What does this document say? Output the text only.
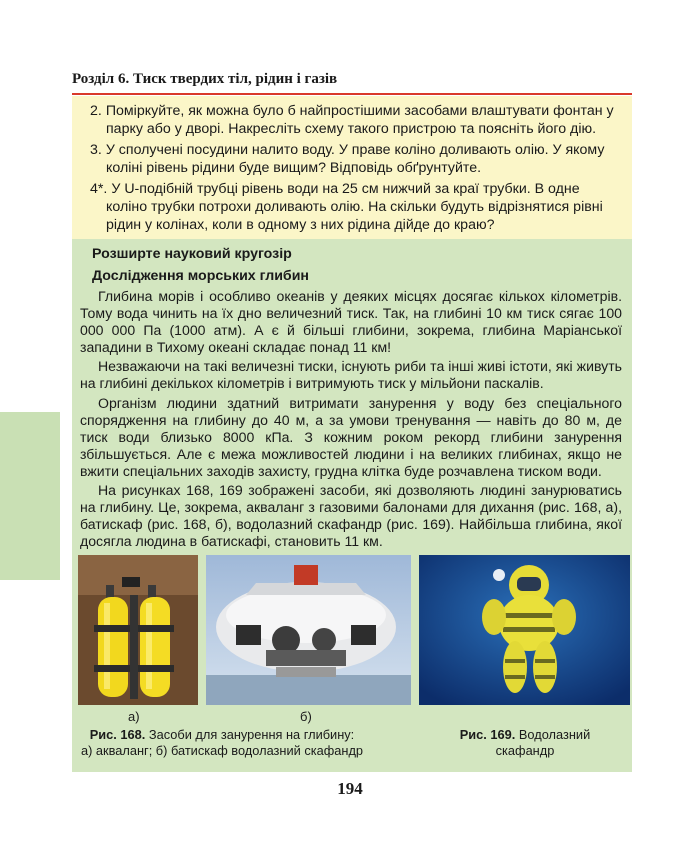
Розділ 6. Тиск твердих тіл, рідин і газів

2. Поміркуйте, як можна було б найпростішими засобами влаштувати фонтан у парку або у дворі. Накресліть схему такого пристрою та поясніть його дію.

3. У сполучені посудини налито воду. У праве коліно доливають олію. У якому коліні рівень рідини буде вищим? Відповідь обґрунтуйте.

4*. У U-подібній трубці рівень води на 25 см нижчий за краї трубки. В одне коліно трубки потрохи доливають олію. На скільки будуть відрізнятися рівні рідин у колінах, коли в одному з них рідина дійде до краю?

Розширте науковий кругозір
Дослідження морських глибин

Глибина морів і особливо океанів у деяких місцях досягає кількох кілометрів. Тому вода чинить на їх дно величезний тиск. Так, на глибині 10 км тиск сягає 100 000 000 Па (1000 атм). А є й більші глибини, зокрема, глибина Маріанської западини в Тихому океані складає понад 11 км!

Незважаючи на такі величезні тиски, існують риби та інші живі істоти, які живуть на глибині декількох кілометрів і витримують тиск у мільйони паскалів.

Організм людини здатний витримати занурення у воду без спеціального спорядження на глибину до 40 м, а за умови тренування — навіть до 80 м, де тиск води близько 8000 кПа. З кожним роком рекорд глибини занурення збільшується. Але є межа можливостей людини і на великих глибинах, якщо не вжити спеціальних заходів захисту, грудна клітка буде розчавлена тиском води.

На рисунках 168, 169 зображені засоби, які дозволяють людині занурюватись на глибину. Це, зокрема, акваланг з газовими балонами для дихання (рис. 168, а), батискаф (рис. 168, б), водолазний скафандр (рис. 169). Найбільша глибина, якої досягла людина в батискафі, становить 11 км.

а)	б)
Рис. 168. Засоби для занурення на глибину:
а) акваланг; б) батискаф водолазний скафандр
Рис. 169. Водолазний
скафандр
194
